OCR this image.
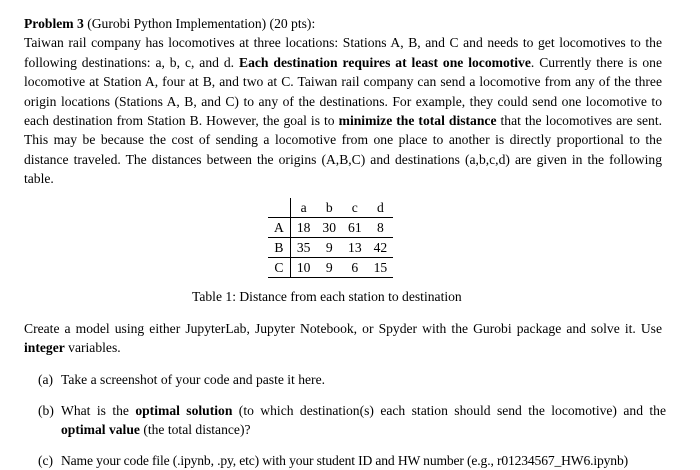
Problem 3 (Gurobi Python Implementation) (20 pts):
Taiwan rail company has locomotives at three locations: Stations A, B, and C and needs to get locomotives to the following destinations: a, b, c, and d. Each destination requires at least one locomotive. Currently there is one locomotive at Station A, four at B, and two at C. Taiwan rail company can send a locomotive from any of the three origin locations (Stations A, B, and C) to any of the destinations. For example, they could send one locomotive to each destination from Station B. However, the goal is to minimize the total distance that the locomotives are sent. This may be because the cost of sending a locomotive from one place to another is directly proportional to the distance traveled. The distances between the origins (A,B,C) and destinations (a,b,c,d) are given in the following table.

	a	b	c	d
A	18	30	61	8
B	35	9	13	42
C	10	9	6	15
Table 1: Distance from each station to destination

Create a model using either JupyterLab, Jupyter Notebook, or Spyder with the Gurobi package and solve it. Use integer variables.

(a) Take a screenshot of your code and paste it here.
(b) What is the optimal solution (to which destination(s) each station should send the locomotive) and the optimal value (the total distance)?
(c) Name your code file (.ipynb, .py, etc) with your student ID and HW number (e.g., r01234567_HW6.ipynb)
